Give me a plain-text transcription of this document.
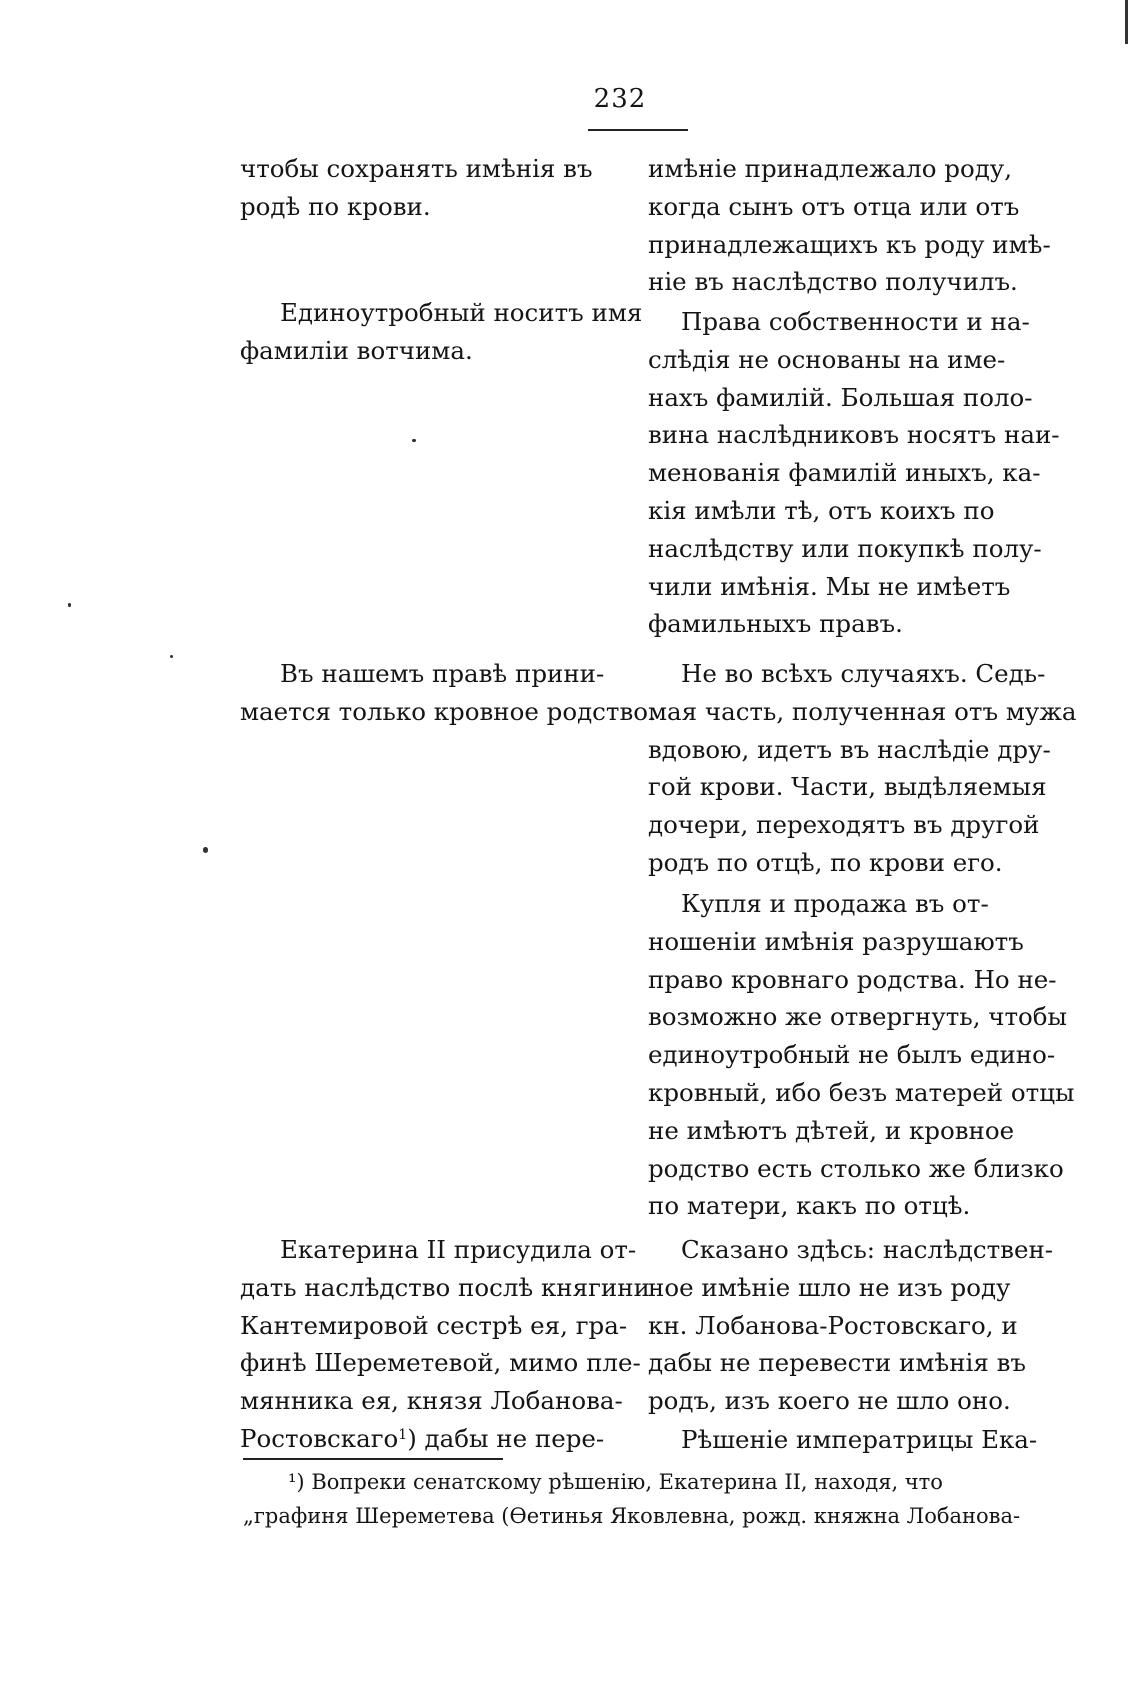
232

чтобы сохранять имѣнія въ
родѣ по крови.

Единоутробный носитъ имя
фамиліи вотчима.

Въ нашемъ правѣ прини-
мается только кровное родство.

Екатерина II присудила от-
дать наслѣдство послѣ княгини
Кантемировой сестрѣ ея, гра-
финѣ Шереметевой, мимо пле-
мянника ея, князя Лобанова-
Ростовскаго$^1$) дабы не пере-

имѣніе принадлежало роду,
когда сынъ отъ отца или отъ
принадлежащихъ къ роду имѣ-
ніе въ наслѣдство получилъ.

Права собственности и на-
слѣдія не основаны на име-
нахъ фамилій. Большая поло-
вина наслѣдниковъ носятъ наи-
менованія фамилій иныхъ, ка-
кія имѣли тѣ, отъ коихъ по
наслѣдству или покупкѣ полу-
чили имѣнія. Мы не имѣетъ
фамильныхъ правъ.

Не во всѣхъ случаяхъ. Седь-
мая часть, полученная отъ мужа
вдовою, идетъ въ наслѣдіе дру-
гой крови. Части, выдѣляемыя
дочери, переходятъ въ другой
родъ по отцѣ, по крови его.

Купля и продажа въ от-
ношеніи имѣнія разрушаютъ
право кровнаго родства. Но не-
возможно же отвергнуть, чтобы
единоутробный не былъ едино-
кровный, ибо безъ матерей отцы
не имѣютъ дѣтей, и кровное
родство есть столько же близко
по матери, какъ по отцѣ.

Сказано здѣсь: наслѣдствен-
ное имѣніе шло не изъ роду
кн. Лобанова-Ростовскаго, и
дабы не перевести имѣнія въ
родъ, изъ коего не шло оно.

Рѣшеніе императрицы Ека-

¹) Вопреки сенатскому рѣшенію, Екатерина II, находя, что
„графиня Шереметева (Ѳетинья Яковлевна, рожд. княжна Лобанова-
